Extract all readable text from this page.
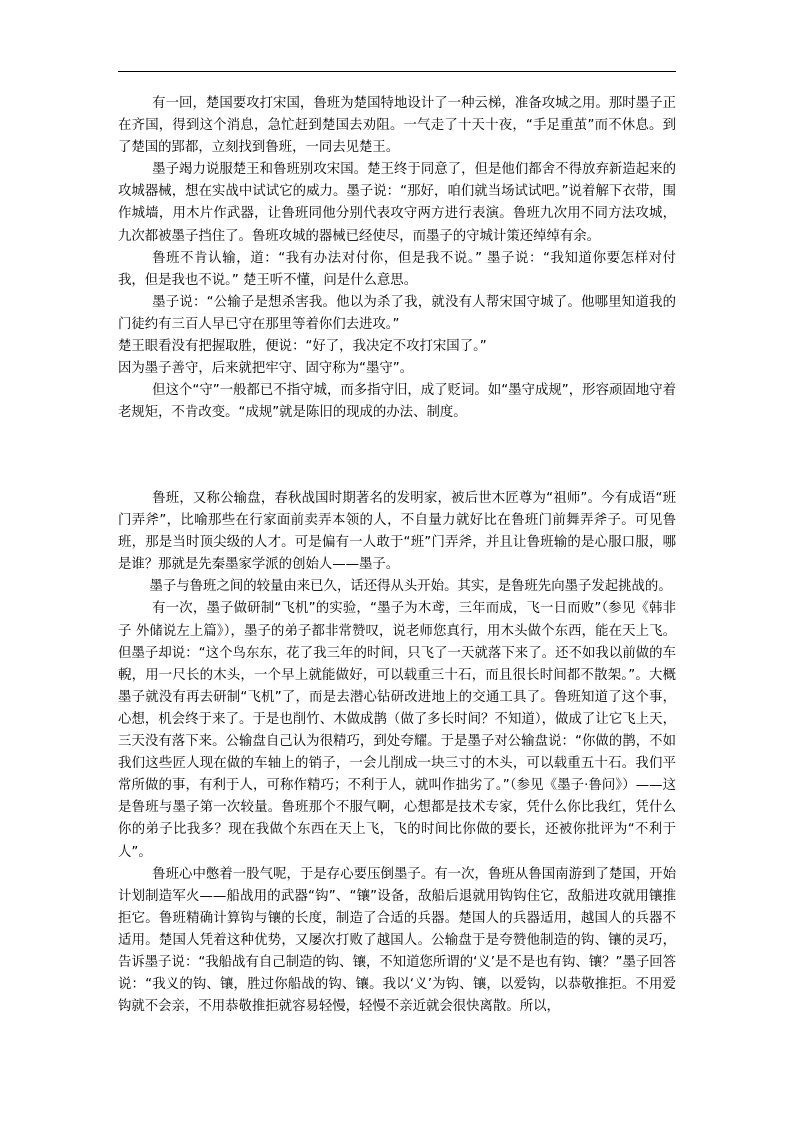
有一回，楚国要攻打宋国，鲁班为楚国特地设计了一种云梯，准备攻城之用。那时墨子正在齐国，得到这个消息，急忙赶到楚国去劝阻。一气走了十天十夜，“手足重茧”而不休息。到了楚国的郢都，立刻找到鲁班，一同去见楚王。

墨子竭力说服楚王和鲁班别攻宋国。楚王终于同意了，但是他们都舍不得放弃新造起来的攻城器械，想在实战中试试它的威力。墨子说：“那好，咱们就当场试试吧。”说着解下衣带，围作城墙，用木片作武器，让鲁班同他分别代表攻守两方进行表演。鲁班九次用不同方法攻城，九次都被墨子挡住了。鲁班攻城的器械已经使尽，而墨子的守城计策还绰绰有余。

鲁班不肯认输，道：“我有办法对付你，但是我不说。” 墨子说：“我知道你要怎样对付我，但是我也不说。” 楚王听不懂，问是什么意思。

墨子说：“公输子是想杀害我。他以为杀了我，就没有人帮宋国守城了。他哪里知道我的门徒约有三百人早已守在那里等着你们去进攻。”

楚王眼看没有把握取胜，便说：“好了，我决定不攻打宋国了。”

因为墨子善守，后来就把牢守、固守称为“墨守”。

但这个“守”一般都已不指守城，而多指守旧，成了贬词。如“墨守成规”，形容顽固地守着老规矩，不肯改变。“成规”就是陈旧的现成的办法、制度。

鲁班，又称公输盘，春秋战国时期著名的发明家，被后世木匠尊为“祖师”。今有成语“班门弄斧”，比喻那些在行家面前卖弄本领的人，不自量力就好比在鲁班门前舞弄斧子。可见鲁班，那是当时顶尖级的人才。可是偏有一人敢于“班”门弄斧，并且让鲁班输的是心服口服，哪是谁？那就是先秦墨家学派的创始人——墨子。

墨子与鲁班之间的较量由来已久，话还得从头开始。其实，是鲁班先向墨子发起挑战的。

有一次，墨子做研制“飞机”的实验，“墨子为木鸢，三年而成，飞一日而败”（参见《韩非子 外储说左上篇》），墨子的弟子都非常赞叹，说老师您真行，用木头做个东西，能在天上飞。但墨子却说：“这个鸟东东，花了我三年的时间，只飞了一天就落下来了。还不如我以前做的车輗，用一尺长的木头，一个早上就能做好，可以载重三十石，而且很长时间都不散架。”。大概墨子就没有再去研制“飞机”了，而是去潜心钻研改进地上的交通工具了。鲁班知道了这个事，心想，机会终于来了。于是也削竹、木做成鹊（做了多长时间？不知道），做成了让它飞上天，三天没有落下来。公输盘自己认为很精巧，到处夸耀。于是墨子对公输盘说：“你做的鹊，不如我们这些匠人现在做的车轴上的销子，一会儿削成一块三寸的木头，可以载重五十石。我们平常所做的事，有利于人，可称作精巧；不利于人，就叫作拙劣了。”（参见《墨子·鲁问》）——这是鲁班与墨子第一次较量。鲁班那个不服气啊，心想都是技术专家，凭什么你比我红，凭什么你的弟子比我多？现在我做个东西在天上飞，飞的时间比你做的要长，还被你批评为“不利于人”。

鲁班心中憋着一股气呢，于是存心要压倒墨子。有一次，鲁班从鲁国南游到了楚国，开始计划制造军火——船战用的武器“钩”、“镶”设备，敌船后退就用钩钩住它，敌船进攻就用镶推拒它。鲁班精确计算钩与镶的长度，制造了合适的兵器。楚国人的兵器适用，越国人的兵器不适用。楚国人凭着这种优势，又屡次打败了越国人。公输盘于是夸赞他制造的钩、镶的灵巧，告诉墨子说：“我船战有自己制造的钩、镶，不知道您所谓的‘义’是不是也有钩、镶？”墨子回答说：“我义的钩、镶，胜过你船战的钩、镶。我以‘义’为钩、镶，以爱钩，以恭敬推拒。不用爱钩就不会亲，不用恭敬推拒就容易轻慢，轻慢不亲近就会很快离散。所以，
